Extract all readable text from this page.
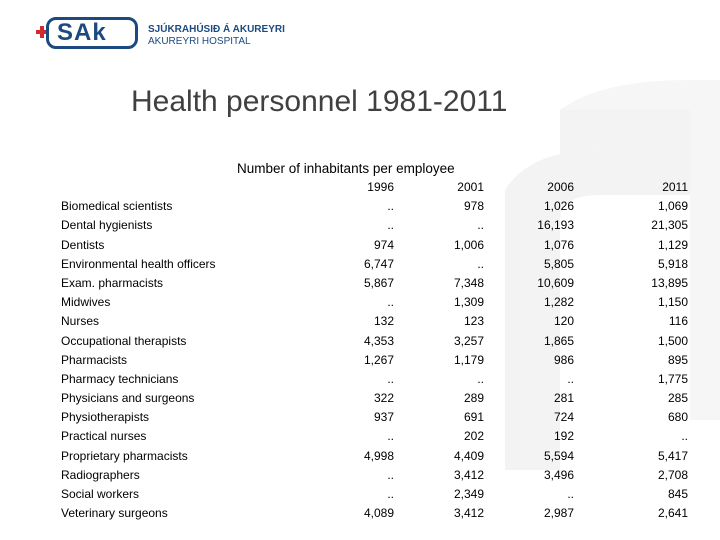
SAk	SJÚKRAHÚSIÐ Á AKUREYRI
AKUREYRI HOSPITAL
Health personnel 1981-2011
Number of inhabitants per employee
1996	2001	2006	2011
Biomedical scientists	..	978	1,026	1,069
Dental hygienists	..	..	16,193	21,305
Dentists	974	1,006	1,076	1,129
Environmental health officers	6,747	..	5,805	5,918
Exam. pharmacists	5,867	7,348	10,609	13,895
Midwives	..	1,309	1,282	1,150
Nurses	132	123	120	116
Occupational therapists	4,353	3,257	1,865	1,500
Pharmacists	1,267	1,179	986	895
Pharmacy technicians	..	..	..	1,775
Physicians and surgeons	322	289	281	285
Physiotherapists	937	691	724	680
Practical nurses	..	202	192	..
Proprietary pharmacists	4,998	4,409	5,594	5,417
Radiographers	..	3,412	3,496	2,708
Social workers	..	2,349	..	845
Veterinary surgeons	4,089	3,412	2,987	2,641
